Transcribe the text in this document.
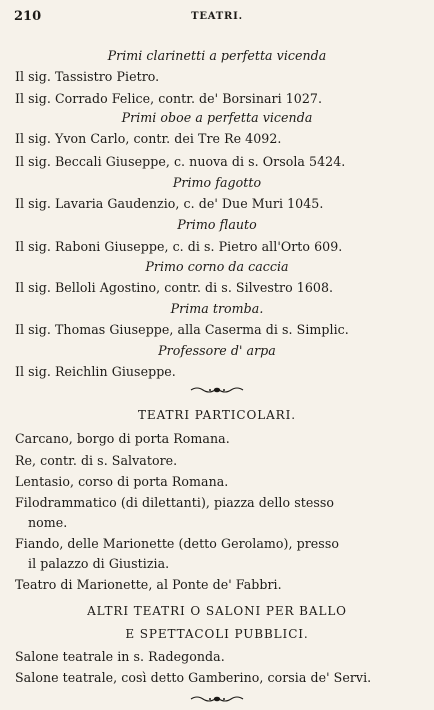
210	TEATRI.
Primi clarinetti a perfetta vicenda
Il sig. Tassistro Pietro.
Il sig. Corrado Felice, contr. de' Borsinari 1027.
Primi oboe a perfetta vicenda
Il sig. Yvon Carlo, contr. dei Tre Re 4092.
Il sig. Beccali Giuseppe, c. nuova di s. Orsola 5424.
Primo fagotto
Il sig. Lavaria Gaudenzio, c. de' Due Muri 1045.
Primo flauto
Il sig. Raboni Giuseppe, c. di s. Pietro all'Orto 609.
Primo corno da caccia
Il sig. Belloli Agostino, contr. di s. Silvestro 1608.
Prima tromba.
Il sig. Thomas Giuseppe, alla Caserma di s. Simplic.
Professore d' arpa
Il sig. Reichlin Giuseppe.
TEATRI PARTICOLARI.
Carcano, borgo di porta Romana.
Re, contr. di s. Salvatore.
Lentasio, corso di porta Romana.
Filodrammatico (di dilettanti), piazza dello stesso
nome.
Fiando, delle Marionette (detto Gerolamo), presso
il palazzo di Giustizia.
Teatro di Marionette, al Ponte de' Fabbri.
ALTRI TEATRI O SALONI PER BALLO
E SPETTACOLI PUBBLICI.
Salone teatrale in s. Radegonda.
Salone teatrale, così detto Gamberino, corsia de' Servi.
